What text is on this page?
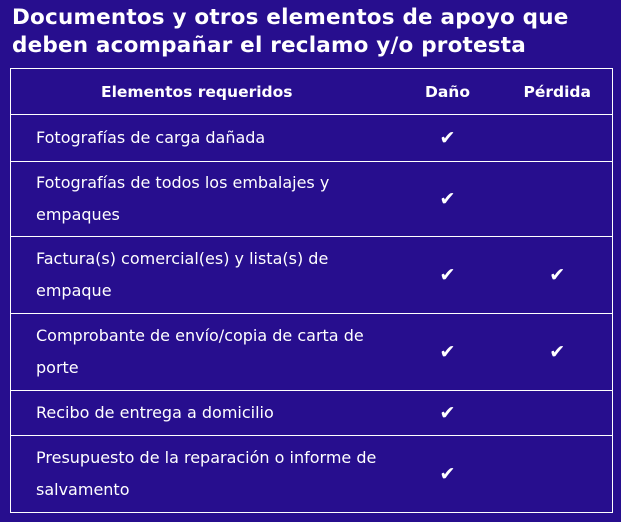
Documentos y otros elementos de apoyo que deben acompañar el reclamo y/o protesta
Elementos requeridos	Daño	Pérdida
Fotografías de carga dañada	✔	
Fotografías de todos los embalajes y empaques	✔	
Factura(s) comercial(es) y lista(s) de empaque	✔	✔
Comprobante de envío/copia de carta de porte	✔	✔
Recibo de entrega a domicilio	✔	
Presupuesto de la reparación o informe de salvamento	✔	
